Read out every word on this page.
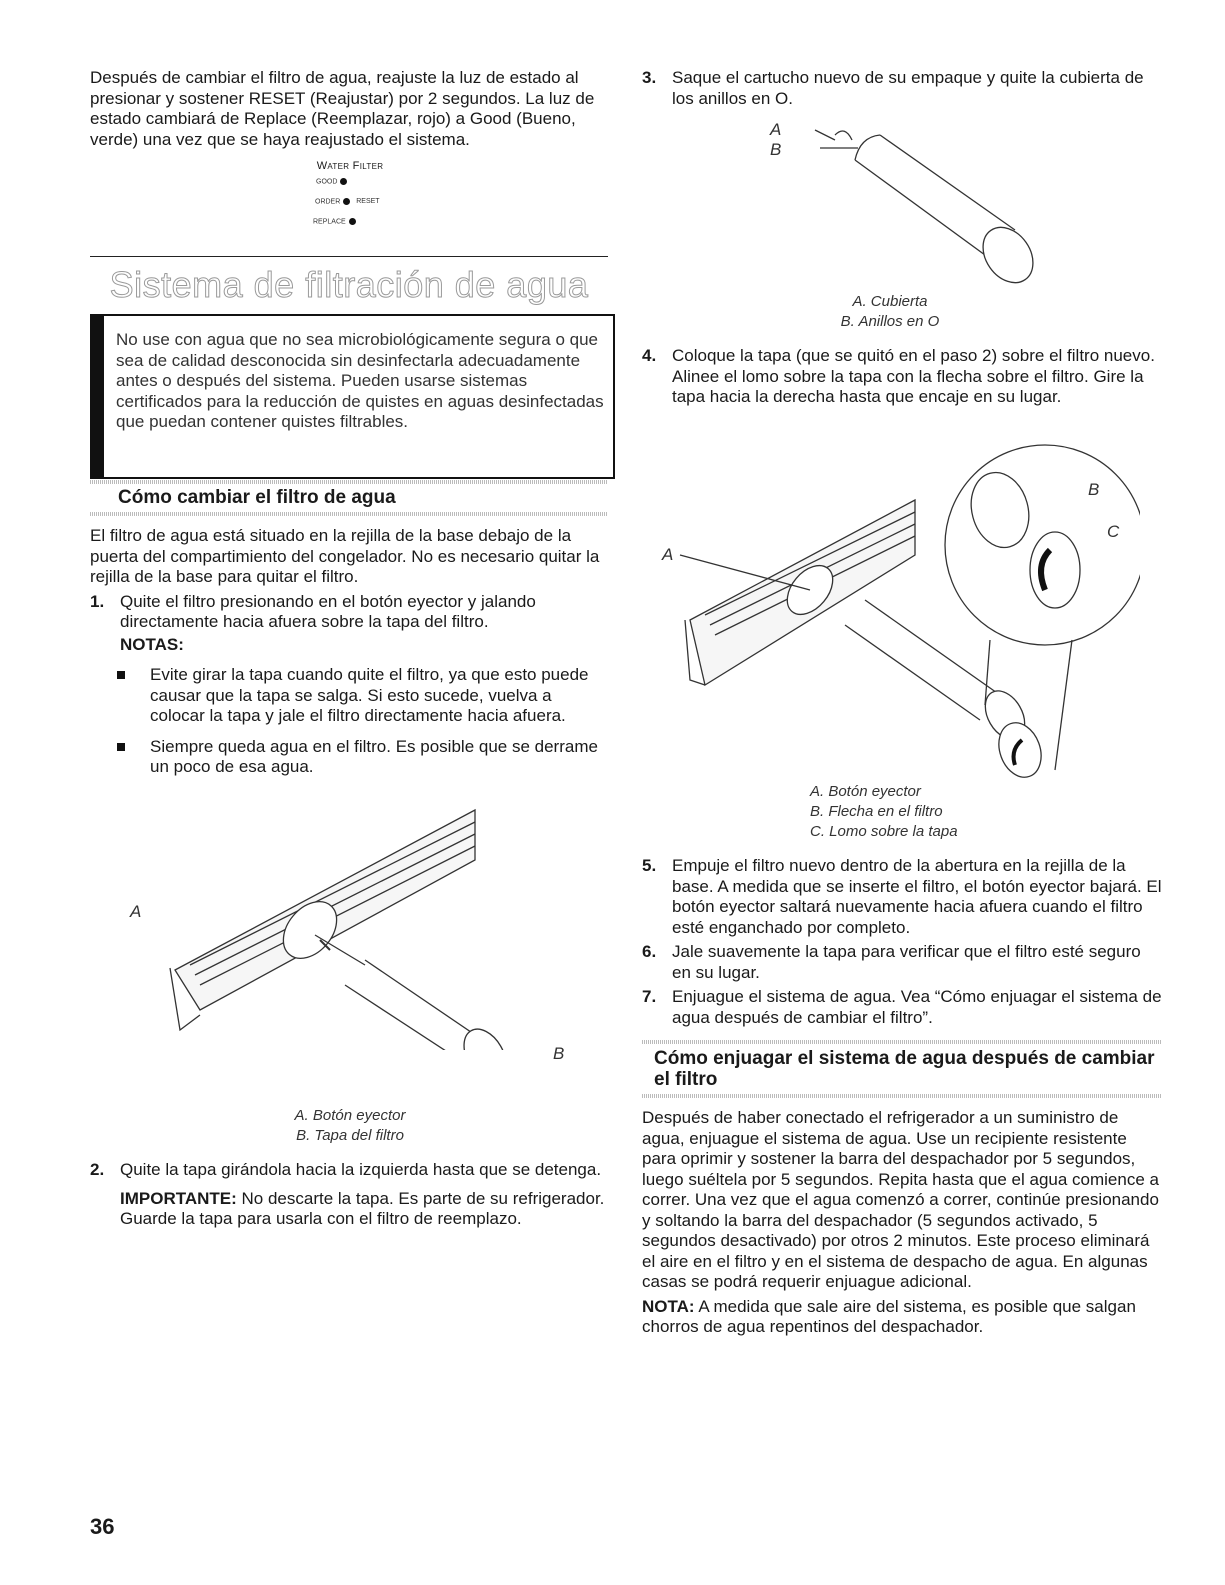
Después de cambiar el filtro de agua, reajuste la luz de estado al presionar y sostener RESET (Reajustar) por 2 segundos. La luz de estado cambiará de Replace (Reemplazar, rojo) a Good (Bueno, verde) una vez que se haya reajustado el sistema.

Water Filter
GOOD
ORDER RESET
REPLACE
Sistema de filtración de agua
No use con agua que no sea microbiológicamente segura o que sea de calidad desconocida sin desinfectarla adecuadamente antes o después del sistema. Pueden usarse sistemas certificados para la reducción de quistes en aguas desinfectadas que puedan contener quistes filtrables.
Cómo cambiar el filtro de agua

El filtro de agua está situado en la rejilla de la base debajo de la puerta del compartimiento del congelador. No es necesario quitar la rejilla de la base para quitar el filtro.

1. Quite el filtro presionando en el botón eyector y jalando directamente hacia afuera sobre la tapa del filtro.

NOTAS:

Evite girar la tapa cuando quite el filtro, ya que esto puede causar que la tapa se salga. Si esto sucede, vuelva a colocar la tapa y jale el filtro directamente hacia afuera.

Siempre queda agua en el filtro. Es posible que se derrame un poco de esa agua.

A
B
A. Botón eyector
B. Tapa del filtro

2. Quite la tapa girándola hacia la izquierda hasta que se detenga.

IMPORTANTE: No descarte la tapa. Es parte de su refrigerador. Guarde la tapa para usarla con el filtro de reemplazo.

3. Saque el cartucho nuevo de su empaque y quite la cubierta de los anillos en O.

A
B
A. Cubierta
B. Anillos en O

4. Coloque la tapa (que se quitó en el paso 2) sobre el filtro nuevo. Alinee el lomo sobre la tapa con la flecha sobre el filtro. Gire la tapa hacia la derecha hasta que encaje en su lugar.

A
B
C
A. Botón eyector
B. Flecha en el filtro
C. Lomo sobre la tapa

5. Empuje el filtro nuevo dentro de la abertura en la rejilla de la base. A medida que se inserte el filtro, el botón eyector bajará. El botón eyector saltará nuevamente hacia afuera cuando el filtro esté enganchado por completo.

6. Jale suavemente la tapa para verificar que el filtro esté seguro en su lugar.

7. Enjuague el sistema de agua. Vea “Cómo enjuagar el sistema de agua después de cambiar el filtro”.

Cómo enjuagar el sistema de agua después de cambiar el filtro

Después de haber conectado el refrigerador a un suministro de agua, enjuague el sistema de agua. Use un recipiente resistente para oprimir y sostener la barra del despachador por 5 segundos, luego suéltela por 5 segundos. Repita hasta que el agua comience a correr. Una vez que el agua comenzó a correr, continúe presionando y soltando la barra del despachador (5 segundos activado, 5 segundos desactivado) por otros 2 minutos. Este proceso eliminará el aire en el filtro y en el sistema de despacho de agua. En algunas casas se podrá requerir enjuague adicional.

NOTA: A medida que sale aire del sistema, es posible que salgan chorros de agua repentinos del despachador.

36
